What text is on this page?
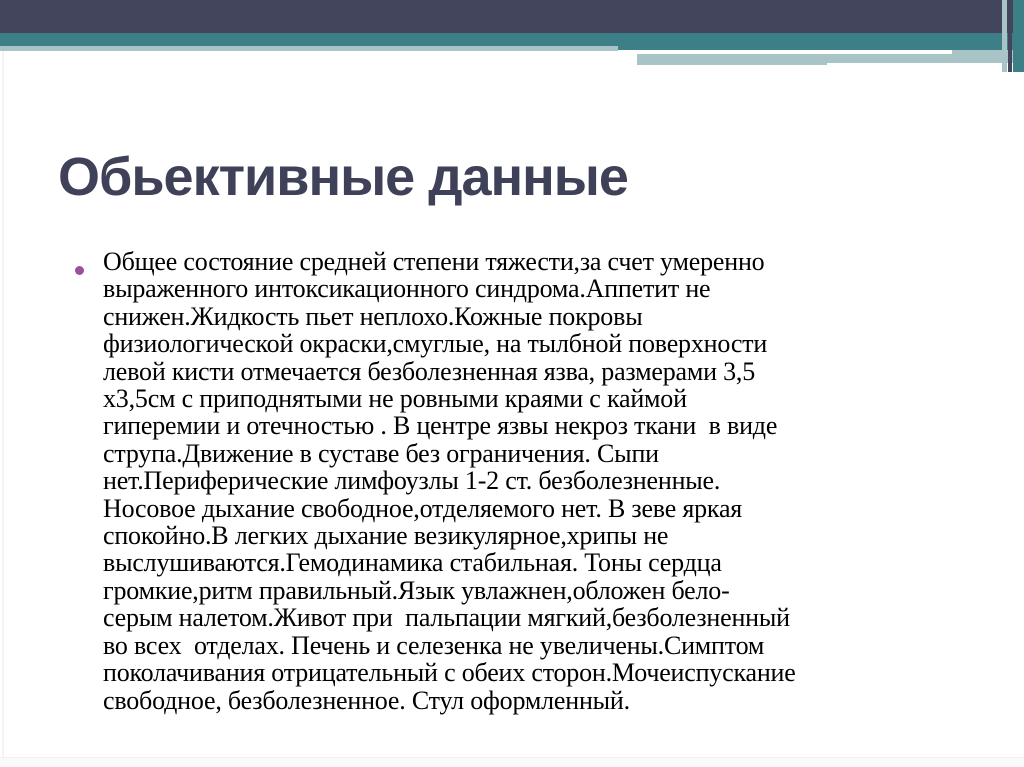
Обьективные данные
Общее состояние средней степени тяжести,за счет умеренно
выраженного интоксикационного синдрома.Аппетит не
снижен.Жидкость пьет неплохо.Кожные покровы
физиологической окраски,смуглые, на тылбной поверхности
левой кисти отмечается безболезненная язва, размерами 3,5
х3,5см с приподнятыми не ровными краями с каймой
гиперемии и отечностью . В центре язвы некроз ткани  в виде
струпа.Движение в суставе без ограничения. Сыпи
нет.Периферические лимфоузлы 1-2 ст. безболезненные.
Носовое дыхание свободное,отделяемого нет. В зеве яркая
спокойно.В легких дыхание везикулярное,хрипы не
выслушиваются.Гемодинамика стабильная. Тоны сердца
громкие,ритм правильный.Язык увлажнен,обложен бело-
серым налетом.Живот при  пальпации мягкий,безболезненный
во всех  отделах. Печень и селезенка не увеличены.Симптом
поколачивания отрицательный с обеих сторон.Мочеиспускание
свободное, безболезненное. Стул оформленный.
